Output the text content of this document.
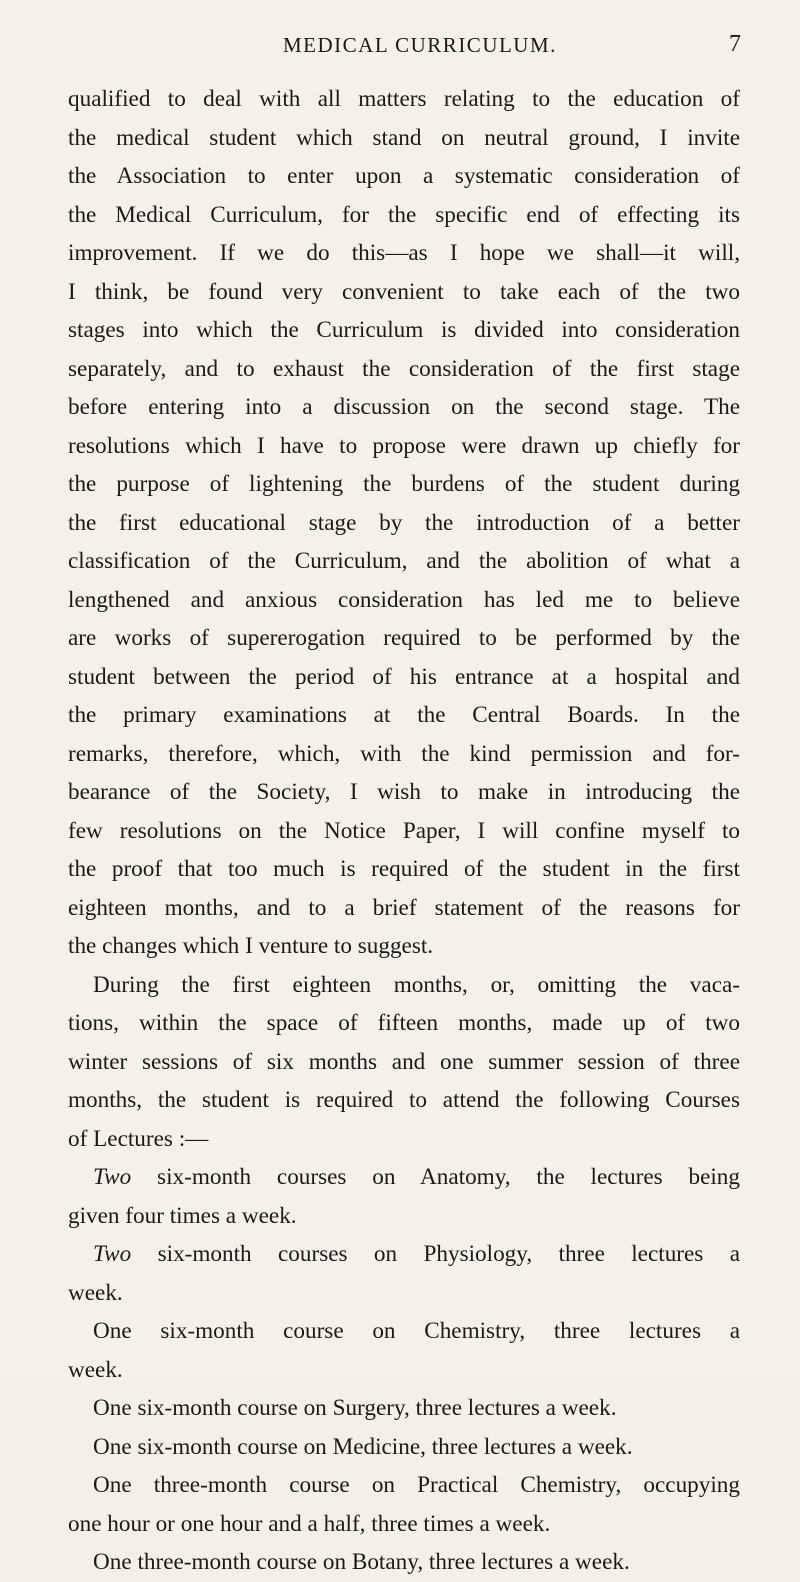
MEDICAL CURRICULUM.	7
qualified to deal with all matters relating to the education of
the medical student which stand on neutral ground, I invite
the Association to enter upon a systematic consideration of
the Medical Curriculum, for the specific end of effecting its
improvement. If we do this—as I hope we shall—it will,
I think, be found very convenient to take each of the two
stages into which the Curriculum is divided into consideration
separately, and to exhaust the consideration of the first stage
before entering into a discussion on the second stage. The
resolutions which I have to propose were drawn up chiefly for
the purpose of lightening the burdens of the student during
the first educational stage by the introduction of a better
classification of the Curriculum, and the abolition of what a
lengthened and anxious consideration has led me to believe
are works of supererogation required to be performed by the
student between the period of his entrance at a hospital and
the primary examinations at the Central Boards. In the
remarks, therefore, which, with the kind permission and for-
bearance of the Society, I wish to make in introducing the
few resolutions on the Notice Paper, I will confine myself to
the proof that too much is required of the student in the first
eighteen months, and to a brief statement of the reasons for
the changes which I venture to suggest.
During the first eighteen months, or, omitting the vaca-
tions, within the space of fifteen months, made up of two
winter sessions of six months and one summer session of three
months, the student is required to attend the following Courses
of Lectures :—
Two six-month courses on Anatomy, the lectures being
given four times a week.
Two six-month courses on Physiology, three lectures a
week.
One six-month course on Chemistry, three lectures a
week.
One six-month course on Surgery, three lectures a week.
One six-month course on Medicine, three lectures a week.
One three-month course on Practical Chemistry, occupying
one hour or one hour and a half, three times a week.
One three-month course on Botany, three lectures a week.
